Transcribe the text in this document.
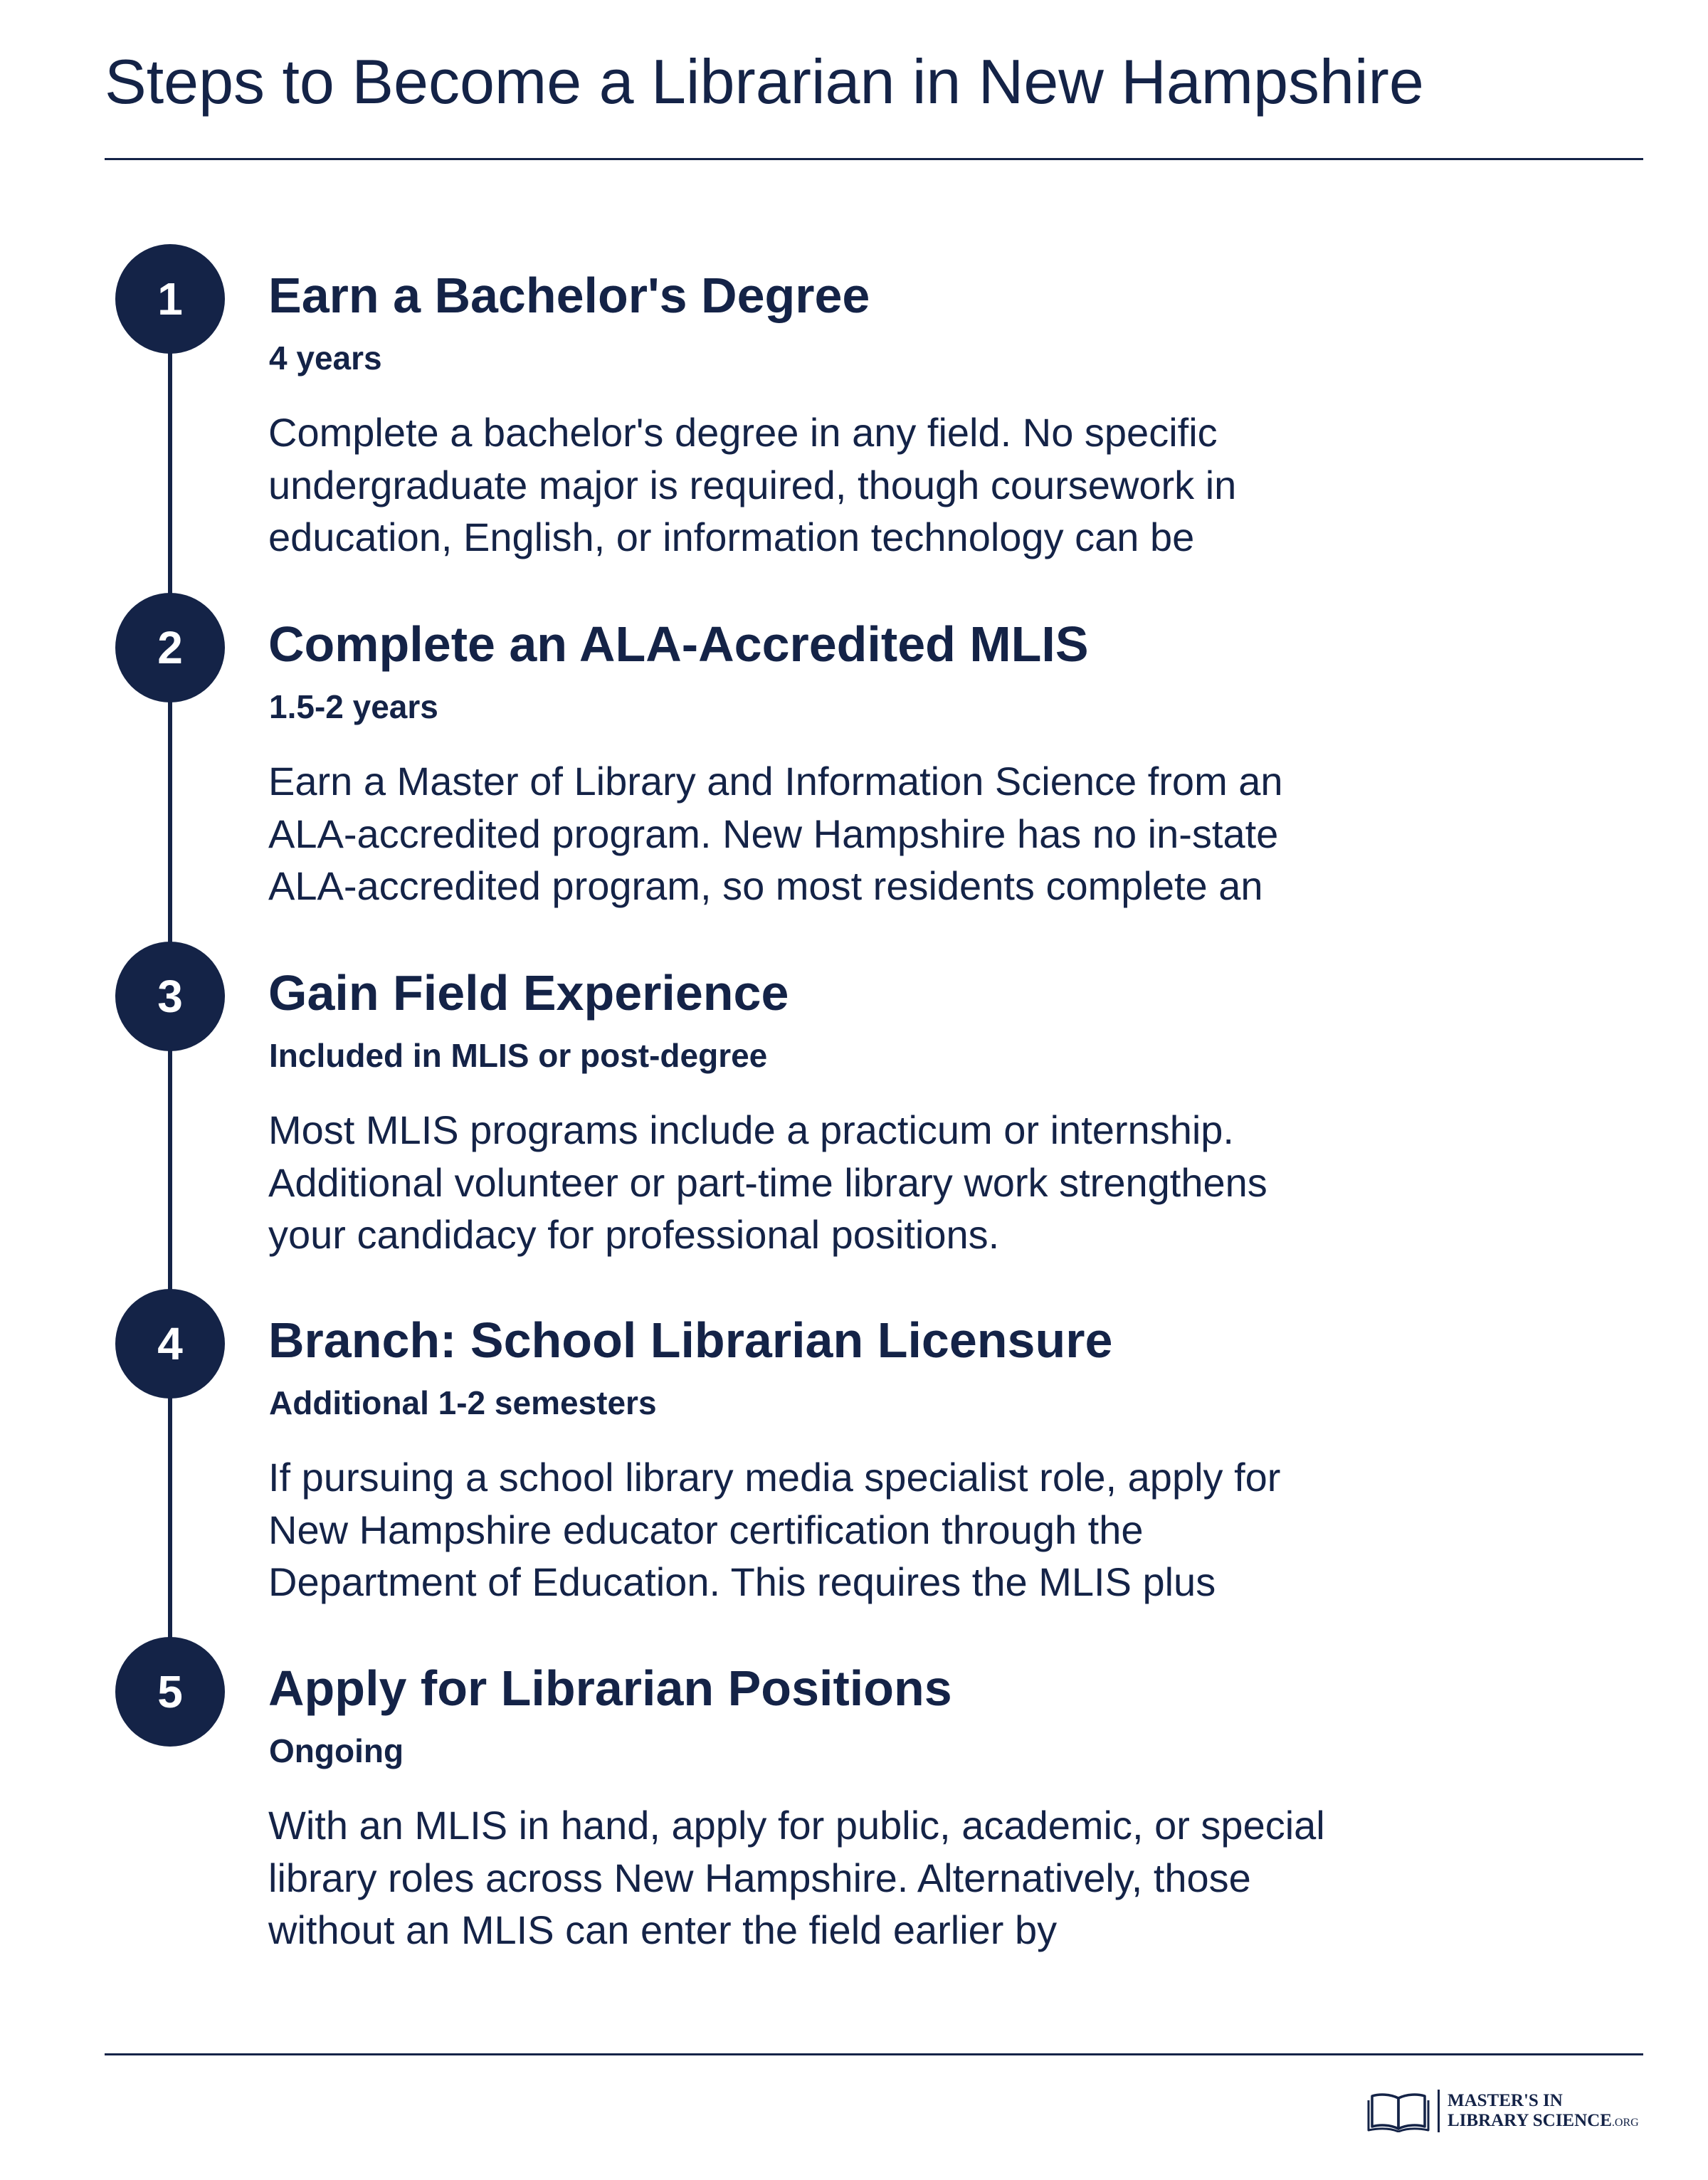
Steps to Become a Librarian in New Hampshire
1	Earn a Bachelor's Degree
4 years

Complete a bachelor's degree in any field. No specific undergraduate major is required, though coursework in education, English, or information technology can be

2	Complete an ALA-Accredited MLIS
1.5-2 years

Earn a Master of Library and Information Science from an ALA-accredited program. New Hampshire has no in-state ALA-accredited program, so most residents complete an

3	Gain Field Experience
Included in MLIS or post-degree

Most MLIS programs include a practicum or internship. Additional volunteer or part-time library work strengthens your candidacy for professional positions.

4	Branch: School Librarian Licensure
Additional 1-2 semesters

If pursuing a school library media specialist role, apply for New Hampshire educator certification through the Department of Education. This requires the MLIS plus

5	Apply for Librarian Positions
Ongoing

With an MLIS in hand, apply for public, academic, or special library roles across New Hampshire. Alternatively, those without an MLIS can enter the field earlier by

MASTER'S IN
LIBRARY SCIENCE.ORG
